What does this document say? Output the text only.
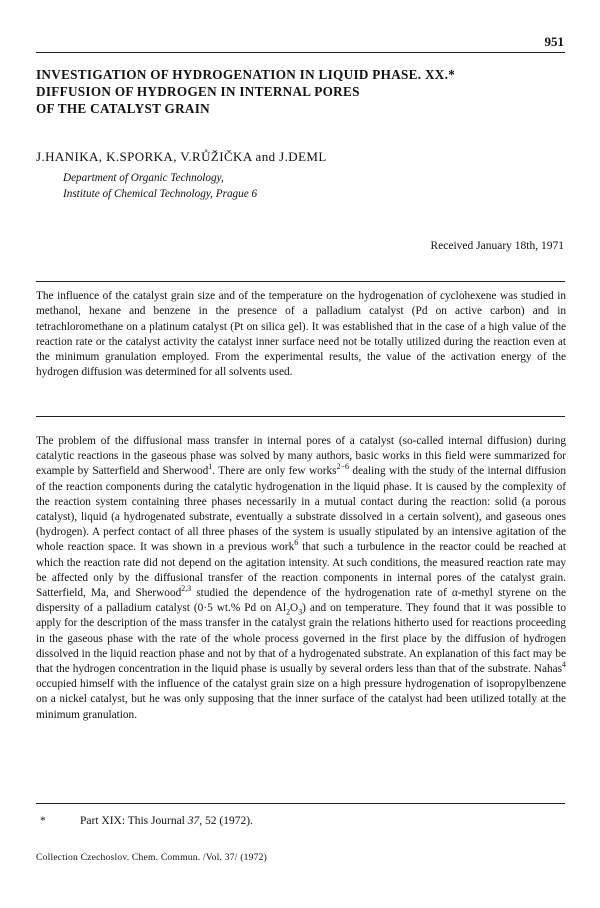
951
INVESTIGATION OF HYDROGENATION IN LIQUID PHASE. XX.*
DIFFUSION OF HYDROGEN IN INTERNAL PORES
OF THE CATALYST GRAIN
J.HANIKA, K.SPORKA, V.RŮŽIČKA and J.DEML
Department of Organic Technology,
Institute of Chemical Technology, Prague 6
Received January 18th, 1971
The influence of the catalyst grain size and of the temperature on the hydrogenation of cyclohexene was studied in methanol, hexane and benzene in the presence of a palladium catalyst (Pd on active carbon) and in tetrachloromethane on a platinum catalyst (Pt on silica gel). It was established that in the case of a high value of the reaction rate or the catalyst activity the catalyst inner surface need not be totally utilized during the reaction even at the minimum granulation employed. From the experimental results, the value of the activation energy of the hydrogen diffusion was determined for all solvents used.

The problem of the diffusional mass transfer in internal pores of a catalyst (so-called internal diffusion) during catalytic reactions in the gaseous phase was solved by many authors, basic works in this field were summarized for example by Satterfield and Sherwood$^1$. There are only few works$^{2-6}$ dealing with the study of the internal diffusion of the reaction components during the catalytic hydrogenation in the liquid phase. It is caused by the complexity of the reaction system containing three phases necessarily in a mutual contact during the reaction: solid (a porous catalyst), liquid (a hydrogenated substrate, eventually a substrate dissolved in a certain solvent), and gaseous ones (hydrogen). A perfect contact of all three phases of the system is usually stipulated by an intensive agitation of the whole reaction space. It was shown in a previous work$^6$ that such a turbulence in the reactor could be reached at which the reaction rate did not depend on the agitation intensity. At such conditions, the measured reaction rate may be affected only by the diffusional transfer of the reaction components in internal pores of the catalyst grain. Satterfield, Ma, and Sherwood$^{2,3}$ studied the dependence of the hydrogenation rate of α-methyl styrene on the dispersity of a palladium catalyst (0·5 wt.% Pd on $Al_2O_3$) and on temperature. They found that it was possible to apply for the description of the mass transfer in the catalyst grain the relations hitherto used for reactions proceeding in the gaseous phase with the rate of the whole process governed in the first place by the diffusion of hydrogen dissolved in the liquid reaction phase and not by that of a hydrogenated substrate. An explanation of this fact may be that the hydrogen concentration in the liquid phase is usually by several orders less than that of the substrate. Nahas$^4$ occupied himself with the influence of the catalyst grain size on a high pressure hydrogenation of isopropylbenzene on a nickel catalyst, but he was only supposing that the inner surface of the catalyst had been utilized totally at the minimum granulation.

*	Part XIX: This Journal 37, 52 (1972).
Collection Czechoslov. Chem. Commun. /Vol. 37/ (1972)
